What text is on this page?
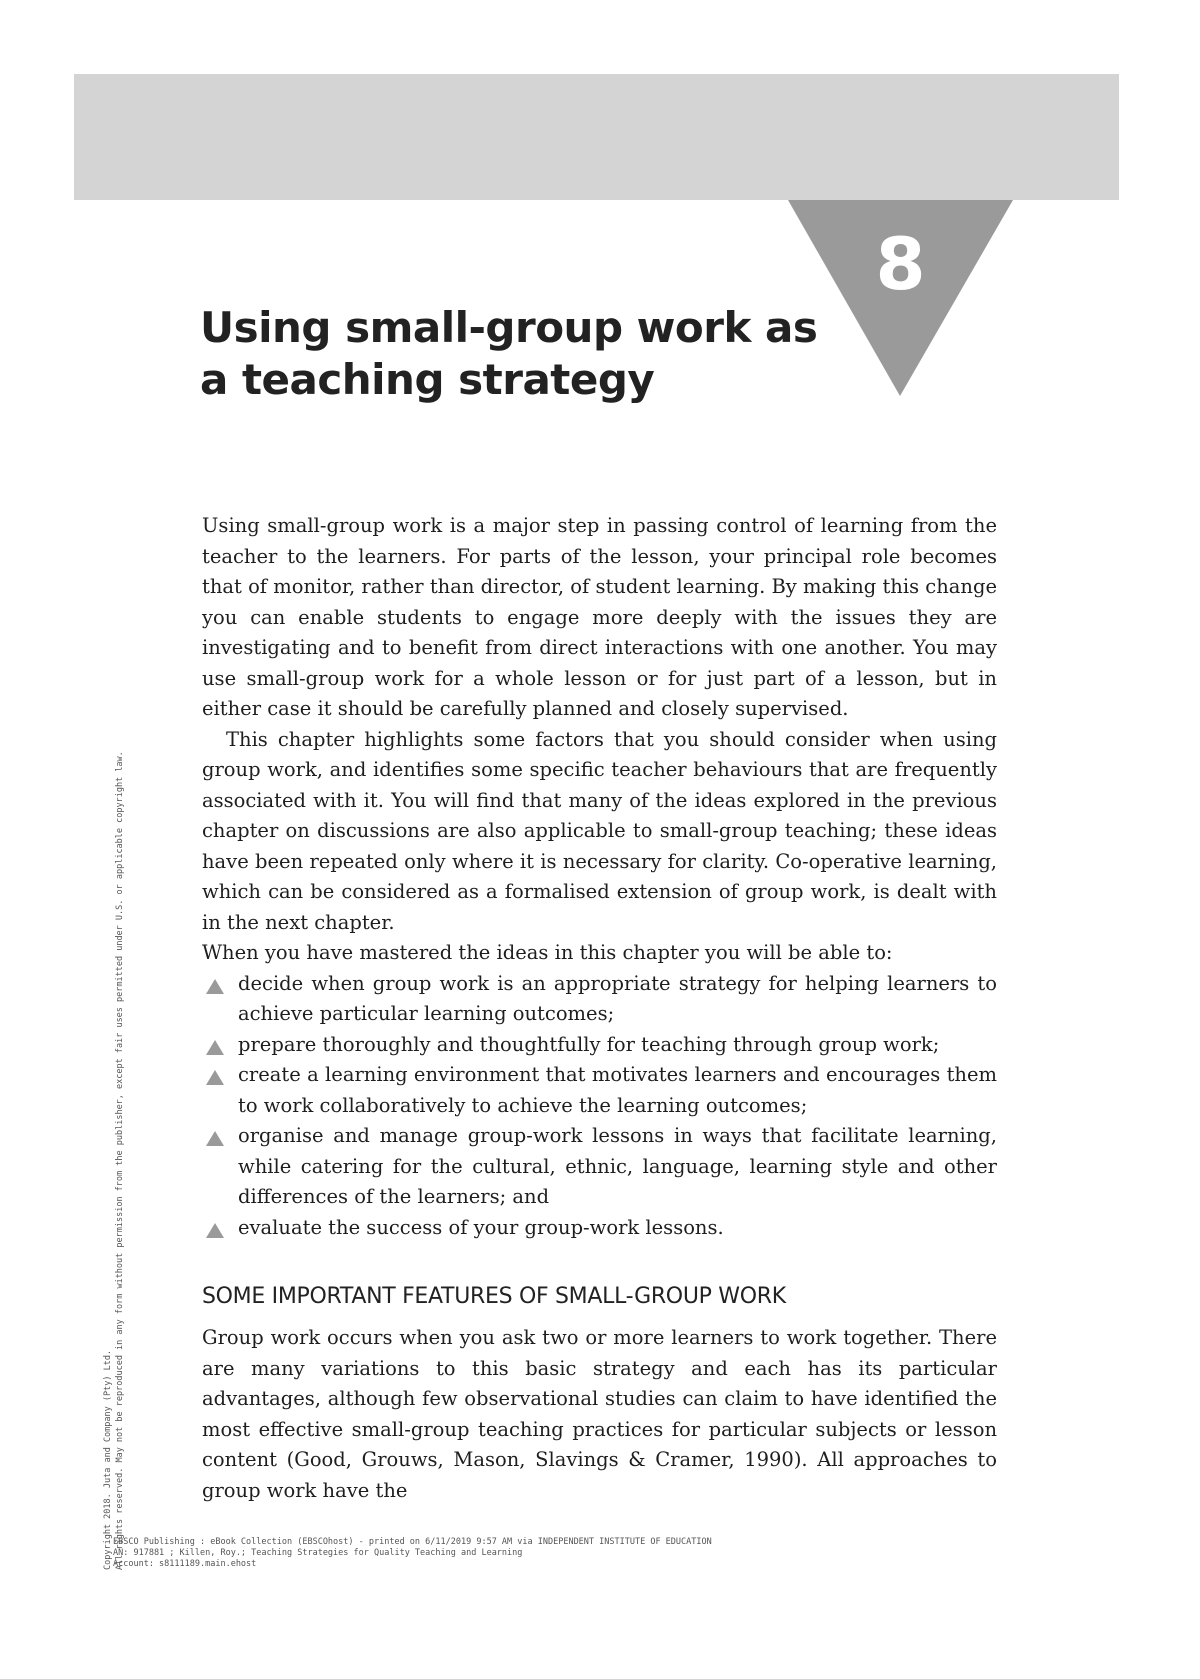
8
Using small-group work as
a teaching strategy

Using small-group work is a major step in passing control of learning from the teacher to the learners. For parts of the lesson, your principal role becomes that of monitor, rather than director, of student learning. By making this change you can enable students to engage more deeply with the issues they are investigating and to benefit from direct interactions with one another. You may use small-group work for a whole lesson or for just part of a lesson, but in either case it should be carefully planned and closely supervised.

This chapter highlights some factors that you should consider when using group work, and identifies some specific teacher behaviours that are frequently associated with it. You will find that many of the ideas explored in the previous chapter on discussions are also applicable to small-group teaching; these ideas have been repeated only where it is necessary for clarity. Co-operative learning, which can be considered as a formalised extension of group work, is dealt with in the next chapter.

When you have mastered the ideas in this chapter you will be able to:

decide when group work is an appropriate strategy for helping learners to achieve particular learning outcomes;
prepare thoroughly and thoughtfully for teaching through group work;
create a learning environment that motivates learners and encourages them to work collaboratively to achieve the learning outcomes;
organise and manage group-work lessons in ways that facilitate learning, while catering for the cultural, ethnic, language, learning style and other differences of the learners; and
evaluate the success of your group-work lessons.
SOME IMPORTANT FEATURES OF SMALL-GROUP WORK

Group work occurs when you ask two or more learners to work together. There are many variations to this basic strategy and each has its particular advantages, although few observational studies can claim to have identified the most effective small-group teaching practices for particular subjects or lesson content (Good, Grouws, Mason, Slavings & Cramer, 1990). All approaches to group work have the

Copyright 2018. Juta and Company (Pty) Ltd. All rights reserved. May not be reproduced in any form without permission from the publisher, except fair uses permitted under U.S. or applicable copyright law.
EBSCO Publishing : eBook Collection (EBSCOhost) - printed on 6/11/2019 9:57 AM via INDEPENDENT INSTITUTE OF EDUCATION
AN: 917881 ; Killen, Roy.; Teaching Strategies for Quality Teaching and Learning
Account: s8111189.main.ehost
